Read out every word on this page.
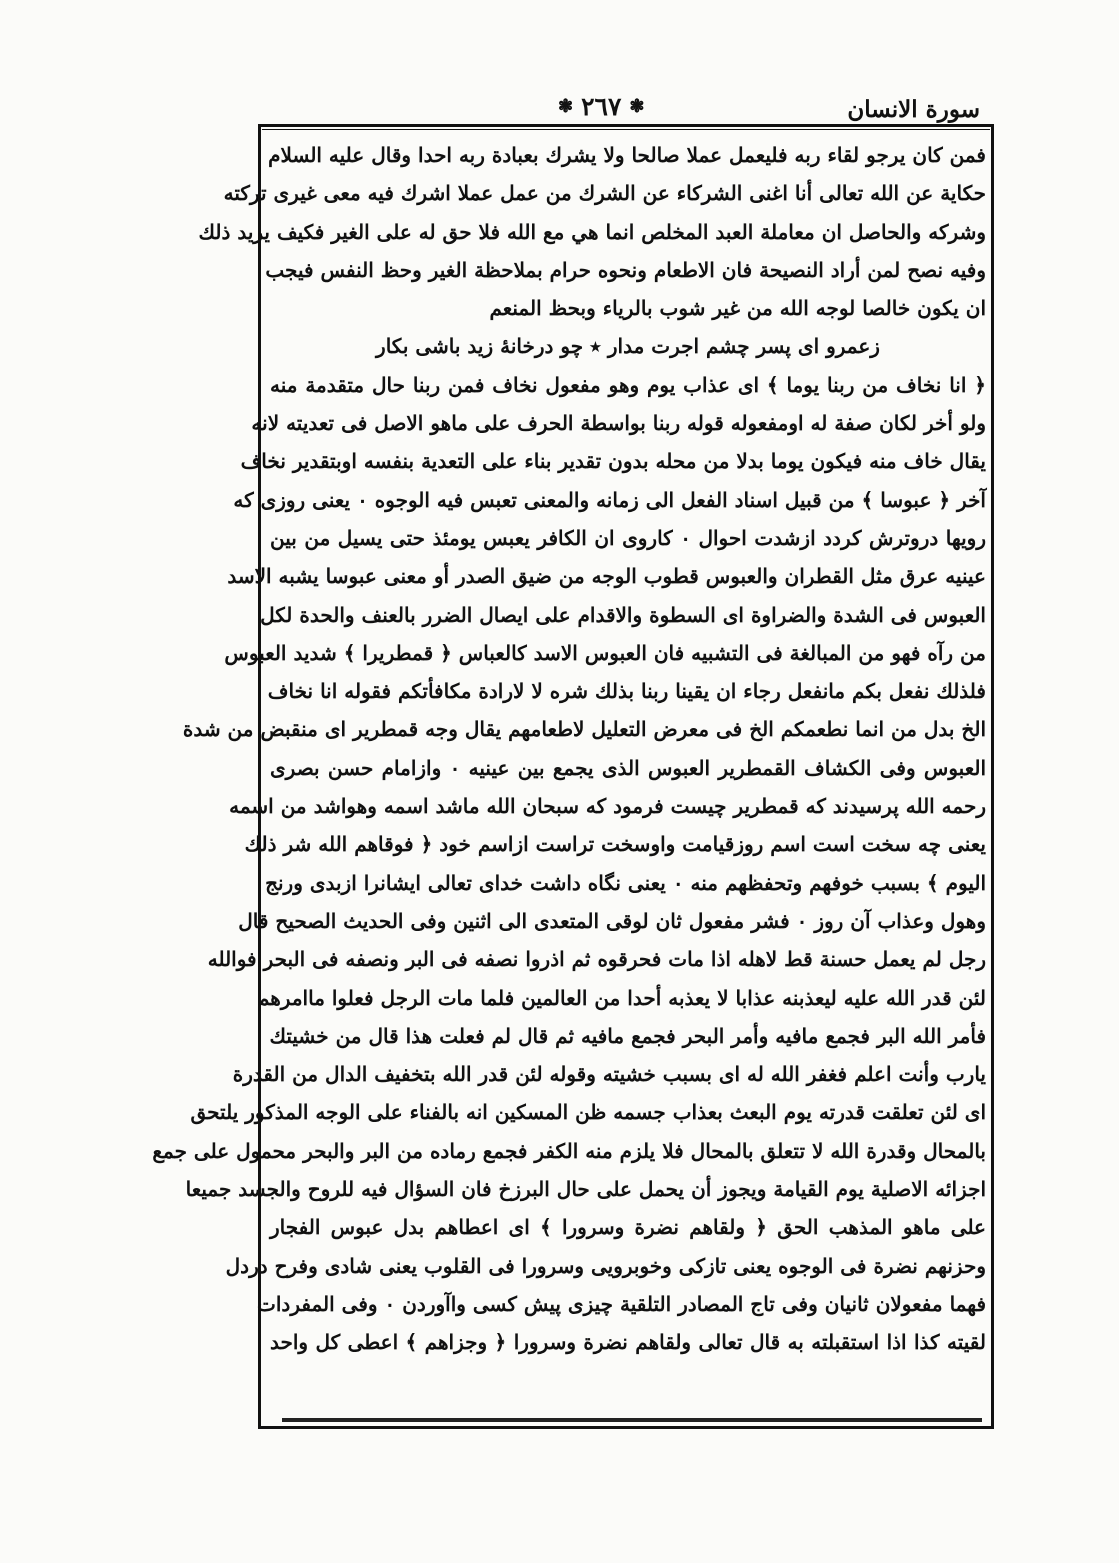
سورة الانسان
❃ ٢٦٧ ❃
فمن كان يرجو لقاء ربه فليعمل عملا صالحا ولا يشرك بعبادة ربه احدا وقال عليه السلام
حكاية عن الله تعالى أنا اغنى الشركاء عن الشرك من عمل عملا اشرك فيه معى غيرى تركته
وشركه والحاصل ان معاملة العبد المخلص انما هي مع الله فلا حق له على الغير فكيف يريد ذلك
وفيه نصح لمن أراد النصيحة فان الاطعام ونحوه حرام بملاحظة الغير وحظ النفس فيجب
ان يكون خالصا لوجه الله من غير شوب بالرياء وبحظ المنعم
زعمرو اى پسر چشم اجرت مدار ٭ چو درخانهٔ زيد باشى بكار
﴿ انا نخاف من ربنا يوما ﴾ اى عذاب يوم وهو مفعول نخاف فمن ربنا حال متقدمة منه
ولو أخر لكان صفة له اومفعوله قوله ربنا بواسطة الحرف على ماهو الاصل فى تعديته لانه
يقال خاف منه فيكون يوما بدلا من محله بدون تقدير بناء على التعدية بنفسه اوبتقدير نخاف
آخر ﴿ عبوسا ﴾ من قبيل اسناد الفعل الى زمانه والمعنى تعبس فيه الوجوه ٠ يعنى روزى كه
رويها دروترش كردد ازشدت احوال ٠ كاروى ان الكافر يعبس يومئذ حتى يسيل من بين
عينيه عرق مثل القطران والعبوس قطوب الوجه من ضيق الصدر أو معنى عبوسا يشبه الاسد
العبوس فى الشدة والضراوة اى السطوة والاقدام على ايصال الضرر بالعنف والحدة لكل
من رآه فهو من المبالغة فى التشبيه فان العبوس الاسد كالعباس ﴿ قمطريرا ﴾ شديد العبوس
فلذلك نفعل بكم مانفعل رجاء ان يقينا ربنا بذلك شره لا لارادة مكافأتكم فقوله انا نخاف
الخ بدل من انما نطعمكم الخ فى معرض التعليل لاطعامهم يقال وجه قمطرير اى منقبض من شدة
العبوس وفى الكشاف القمطرير العبوس الذى يجمع بين عينيه ٠ وازامام حسن بصرى
رحمه الله پرسيدند كه قمطرير چيست فرمود كه سبحان الله ماشد اسمه وهواشد من اسمه
يعنى چه سخت است اسم روزقيامت واوسخت تراست ازاسم خود ﴿ فوقاهم الله شر ذلك
اليوم ﴾ بسبب خوفهم وتحفظهم منه ٠ يعنى نگاه داشت خداى تعالى ايشانرا ازبدى ورنج
وهول وعذاب آن روز ٠ فشر مفعول ثان لوقى المتعدى الى اثنين وفى الحديث الصحيح قال
رجل لم يعمل حسنة قط لاهله اذا مات فحرقوه ثم اذروا نصفه فى البر ونصفه فى البحر فوالله
لئن قدر الله عليه ليعذبنه عذابا لا يعذبه أحدا من العالمين فلما مات الرجل فعلوا ماامرهم
فأمر الله البر فجمع مافيه وأمر البحر فجمع مافيه ثم قال لم فعلت هذا قال من خشيتك
يارب وأنت اعلم فغفر الله له اى بسبب خشيته وقوله لئن قدر الله بتخفيف الدال من القدرة
اى لئن تعلقت قدرته يوم البعث بعذاب جسمه ظن المسكين انه بالفناء على الوجه المذكور يلتحق
بالمحال وقدرة الله لا تتعلق بالمحال فلا يلزم منه الكفر فجمع رماده من البر والبحر محمول على جمع
اجزائه الاصلية يوم القيامة ويجوز أن يحمل على حال البرزخ فان السؤال فيه للروح والجسد جميعا
على ماهو المذهب الحق ﴿ ولقاهم نضرة وسرورا ﴾ اى اعطاهم بدل عبوس الفجار
وحزنهم نضرة فى الوجوه يعنى تازكى وخوبرويى وسرورا فى القلوب يعنى شادى وفرح دردل
فهما مفعولان ثانيان وفى تاج المصادر التلقية چيزى پيش كسى واآوردن ٠ وفى المفردات
لقيته كذا اذا استقبلته به قال تعالى ولقاهم نضرة وسرورا ﴿ وجزاهم ﴾ اعطى كل واحد
